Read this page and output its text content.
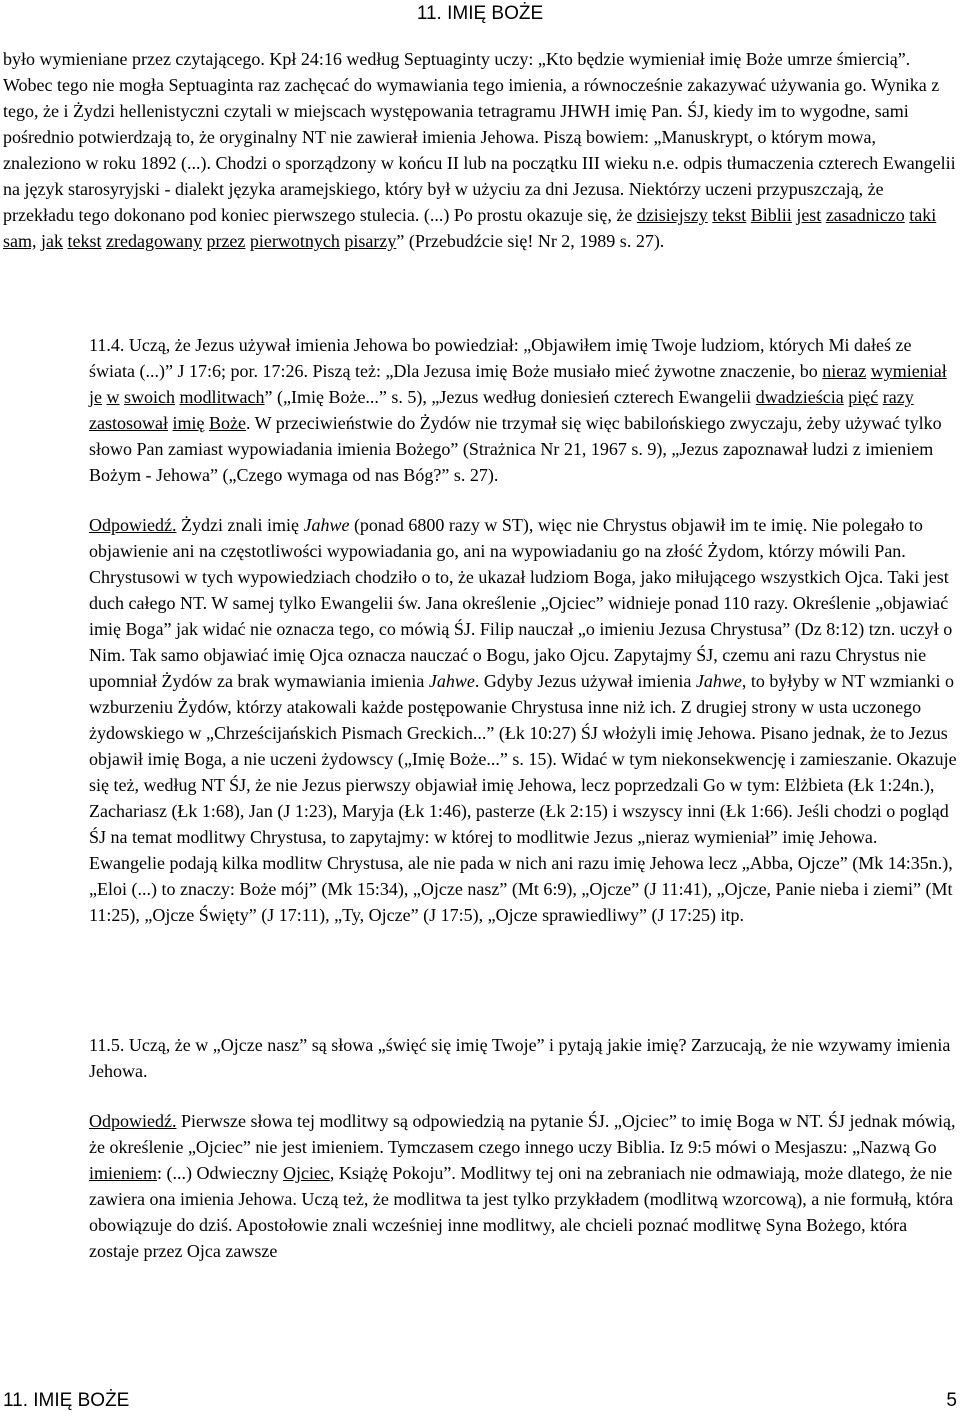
11. IMIĘ BOŻE

było wymieniane przez czytającego. Kpł 24:16 według Septuaginty uczy: „Kto będzie wymieniał imię Boże umrze śmiercią”. Wobec tego nie mogła Septuaginta raz zachęcać do wymawiania tego imienia, a równocześnie zakazywać używania go. Wynika z tego, że i Żydzi hellenistyczni czytali w miejscach występowania tetragramu JHWH imię Pan. ŚJ, kiedy im to wygodne, sami pośrednio potwierdzają to, że oryginalny NT nie zawierał imienia Jehowa. Piszą bowiem: „Manuskrypt, o którym mowa, znaleziono w roku 1892 (...). Chodzi o sporządzony w końcu II lub na początku III wieku n.e. odpis tłumaczenia czterech Ewangelii na język starosyryjski - dialekt języka aramejskiego, który był w użyciu za dni Jezusa. Niektórzy uczeni przypuszczają, że przekładu tego dokonano pod koniec pierwszego stulecia. (...) Po prostu okazuje się, że dzisiejszy tekst Biblii jest zasadniczo taki sam, jak tekst zredagowany przez pierwotnych pisarzy” (Przebudźcie się! Nr 2, 1989 s. 27).

11.4. Uczą, że Jezus używał imienia Jehowa bo powiedział: „Objawiłem imię Twoje ludziom, których Mi dałeś ze świata (...)” J 17:6; por. 17:26. Piszą też: „Dla Jezusa imię Boże musiało mieć żywotne znaczenie, bo nieraz wymieniał je w swoich modlitwach” („Imię Boże...” s. 5), „Jezus według doniesień czterech Ewangelii dwadzieścia pięć razy zastosował imię Boże. W przeciwieństwie do Żydów nie trzymał się więc babilońskiego zwyczaju, żeby używać tylko słowo Pan zamiast wypowiadania imienia Bożego” (Strażnica Nr 21, 1967 s. 9), „Jezus zapoznawał ludzi z imieniem Bożym - Jehowa” („Czego wymaga od nas Bóg?” s. 27).

Odpowiedź. Żydzi znali imię Jahwe (ponad 6800 razy w ST), więc nie Chrystus objawił im te imię. Nie polegało to objawienie ani na częstotliwości wypowiadania go, ani na wypowiadaniu go na złość Żydom, którzy mówili Pan. Chrystusowi w tych wypowiedziach chodziło o to, że ukazał ludziom Boga, jako miłującego wszystkich Ojca. Taki jest duch całego NT. W samej tylko Ewangelii św. Jana określenie „Ojciec” widnieje ponad 110 razy. Określenie „objawiać imię Boga” jak widać nie oznacza tego, co mówią ŚJ. Filip nauczał „o imieniu Jezusa Chrystusa” (Dz 8:12) tzn. uczył o Nim. Tak samo objawiać imię Ojca oznacza nauczać o Bogu, jako Ojcu. Zapytajmy ŚJ, czemu ani razu Chrystus nie upomniał Żydów za brak wymawiania imienia Jahwe. Gdyby Jezus używał imienia Jahwe, to byłyby w NT wzmianki o wzburzeniu Żydów, którzy atakowali każde postępowanie Chrystusa inne niż ich. Z drugiej strony w usta uczonego żydowskiego w „Chrześcijańskich Pismach Greckich...” (Łk 10:27) ŚJ włożyli imię Jehowa. Pisano jednak, że to Jezus objawił imię Boga, a nie uczeni żydowscy („Imię Boże...” s. 15). Widać w tym niekonsekwencję i zamieszanie. Okazuje się też, według NT ŚJ, że nie Jezus pierwszy objawiał imię Jehowa, lecz poprzedzali Go w tym: Elżbieta (Łk 1:24n.), Zachariasz (Łk 1:68), Jan (J 1:23), Maryja (Łk 1:46), pasterze (Łk 2:15) i wszyscy inni (Łk 1:66). Jeśli chodzi o pogląd ŚJ na temat modlitwy Chrystusa, to zapytajmy: w której to modlitwie Jezus „nieraz wymieniał” imię Jehowa. Ewangelie podają kilka modlitw Chrystusa, ale nie pada w nich ani razu imię Jehowa lecz „Abba, Ojcze” (Mk 14:35n.), „Eloi (...) to znaczy: Boże mój” (Mk 15:34), „Ojcze nasz” (Mt 6:9), „Ojcze” (J 11:41), „Ojcze, Panie nieba i ziemi” (Mt 11:25), „Ojcze Święty” (J 17:11), „Ty, Ojcze” (J 17:5), „Ojcze sprawiedliwy” (J 17:25) itp.

11.5. Uczą, że w „Ojcze nasz” są słowa „święć się imię Twoje” i pytają jakie imię? Zarzucają, że nie wzywamy imienia Jehowa.

Odpowiedź. Pierwsze słowa tej modlitwy są odpowiedzią na pytanie ŚJ. „Ojciec” to imię Boga w NT. ŚJ jednak mówią, że określenie „Ojciec” nie jest imieniem. Tymczasem czego innego uczy Biblia. Iz 9:5 mówi o Mesjaszu: „Nazwą Go imieniem: (...) Odwieczny Ojciec, Książę Pokoju”. Modlitwy tej oni na zebraniach nie odmawiają, może dlatego, że nie zawiera ona imienia Jehowa. Uczą też, że modlitwa ta jest tylko przykładem (modlitwą wzorcową), a nie formułą, która obowiązuje do dziś. Apostołowie znali wcześniej inne modlitwy, ale chcieli poznać modlitwę Syna Bożego, która zostaje przez Ojca zawsze

11. IMIĘ BOŻE	5
